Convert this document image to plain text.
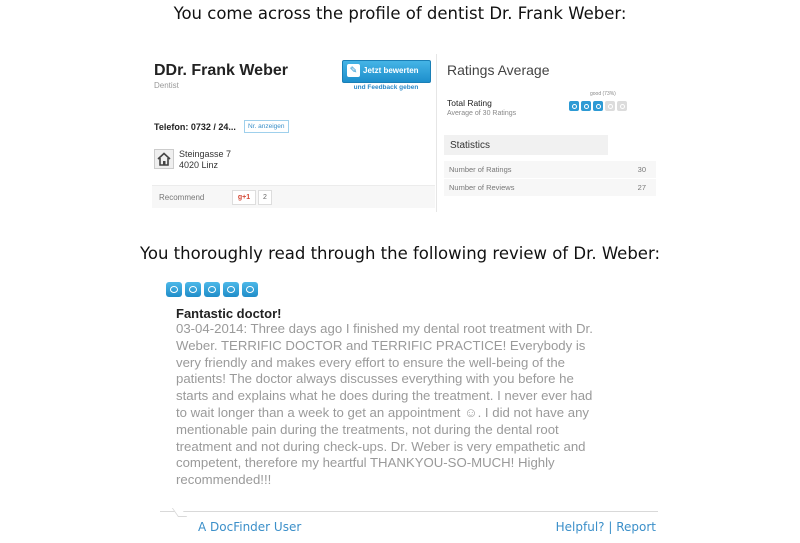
You come across the profile of dentist Dr. Frank Weber:
DDr. Frank Weber
Dentist
✎ Jetzt bewerten
und Feedback geben
Telefon: 0732 / 24...	Nr. anzeigen
Steingasse 7
4020 Linz
Recommend	g+1	2
Ratings Average
Total Rating
Average of 30 Ratings
good (73%)
Statistics
Number of Ratings	30
Number of Reviews	27
You thoroughly read through the following review of Dr. Weber:
Fantastic doctor!

03-04-2014: Three days ago I finished my dental root treatment with Dr.
Weber. TERRIFIC DOCTOR and TERRIFIC PRACTICE! Everybody is
very friendly and makes every effort to ensure the well-being of the
patients! The doctor always discusses everything with you before he
starts and explains what he does during the treatment. I never ever had
to wait longer than a week to get an appointment ☺. I did not have any
mentionable pain during the treatments, not during the dental root
treatment and not during check-ups. Dr. Weber is very empathetic and
competent, therefore my heartful THANKYOU-SO-MUCH! Highly
recommended!!!

A DocFinder User	Helpful? | Report
